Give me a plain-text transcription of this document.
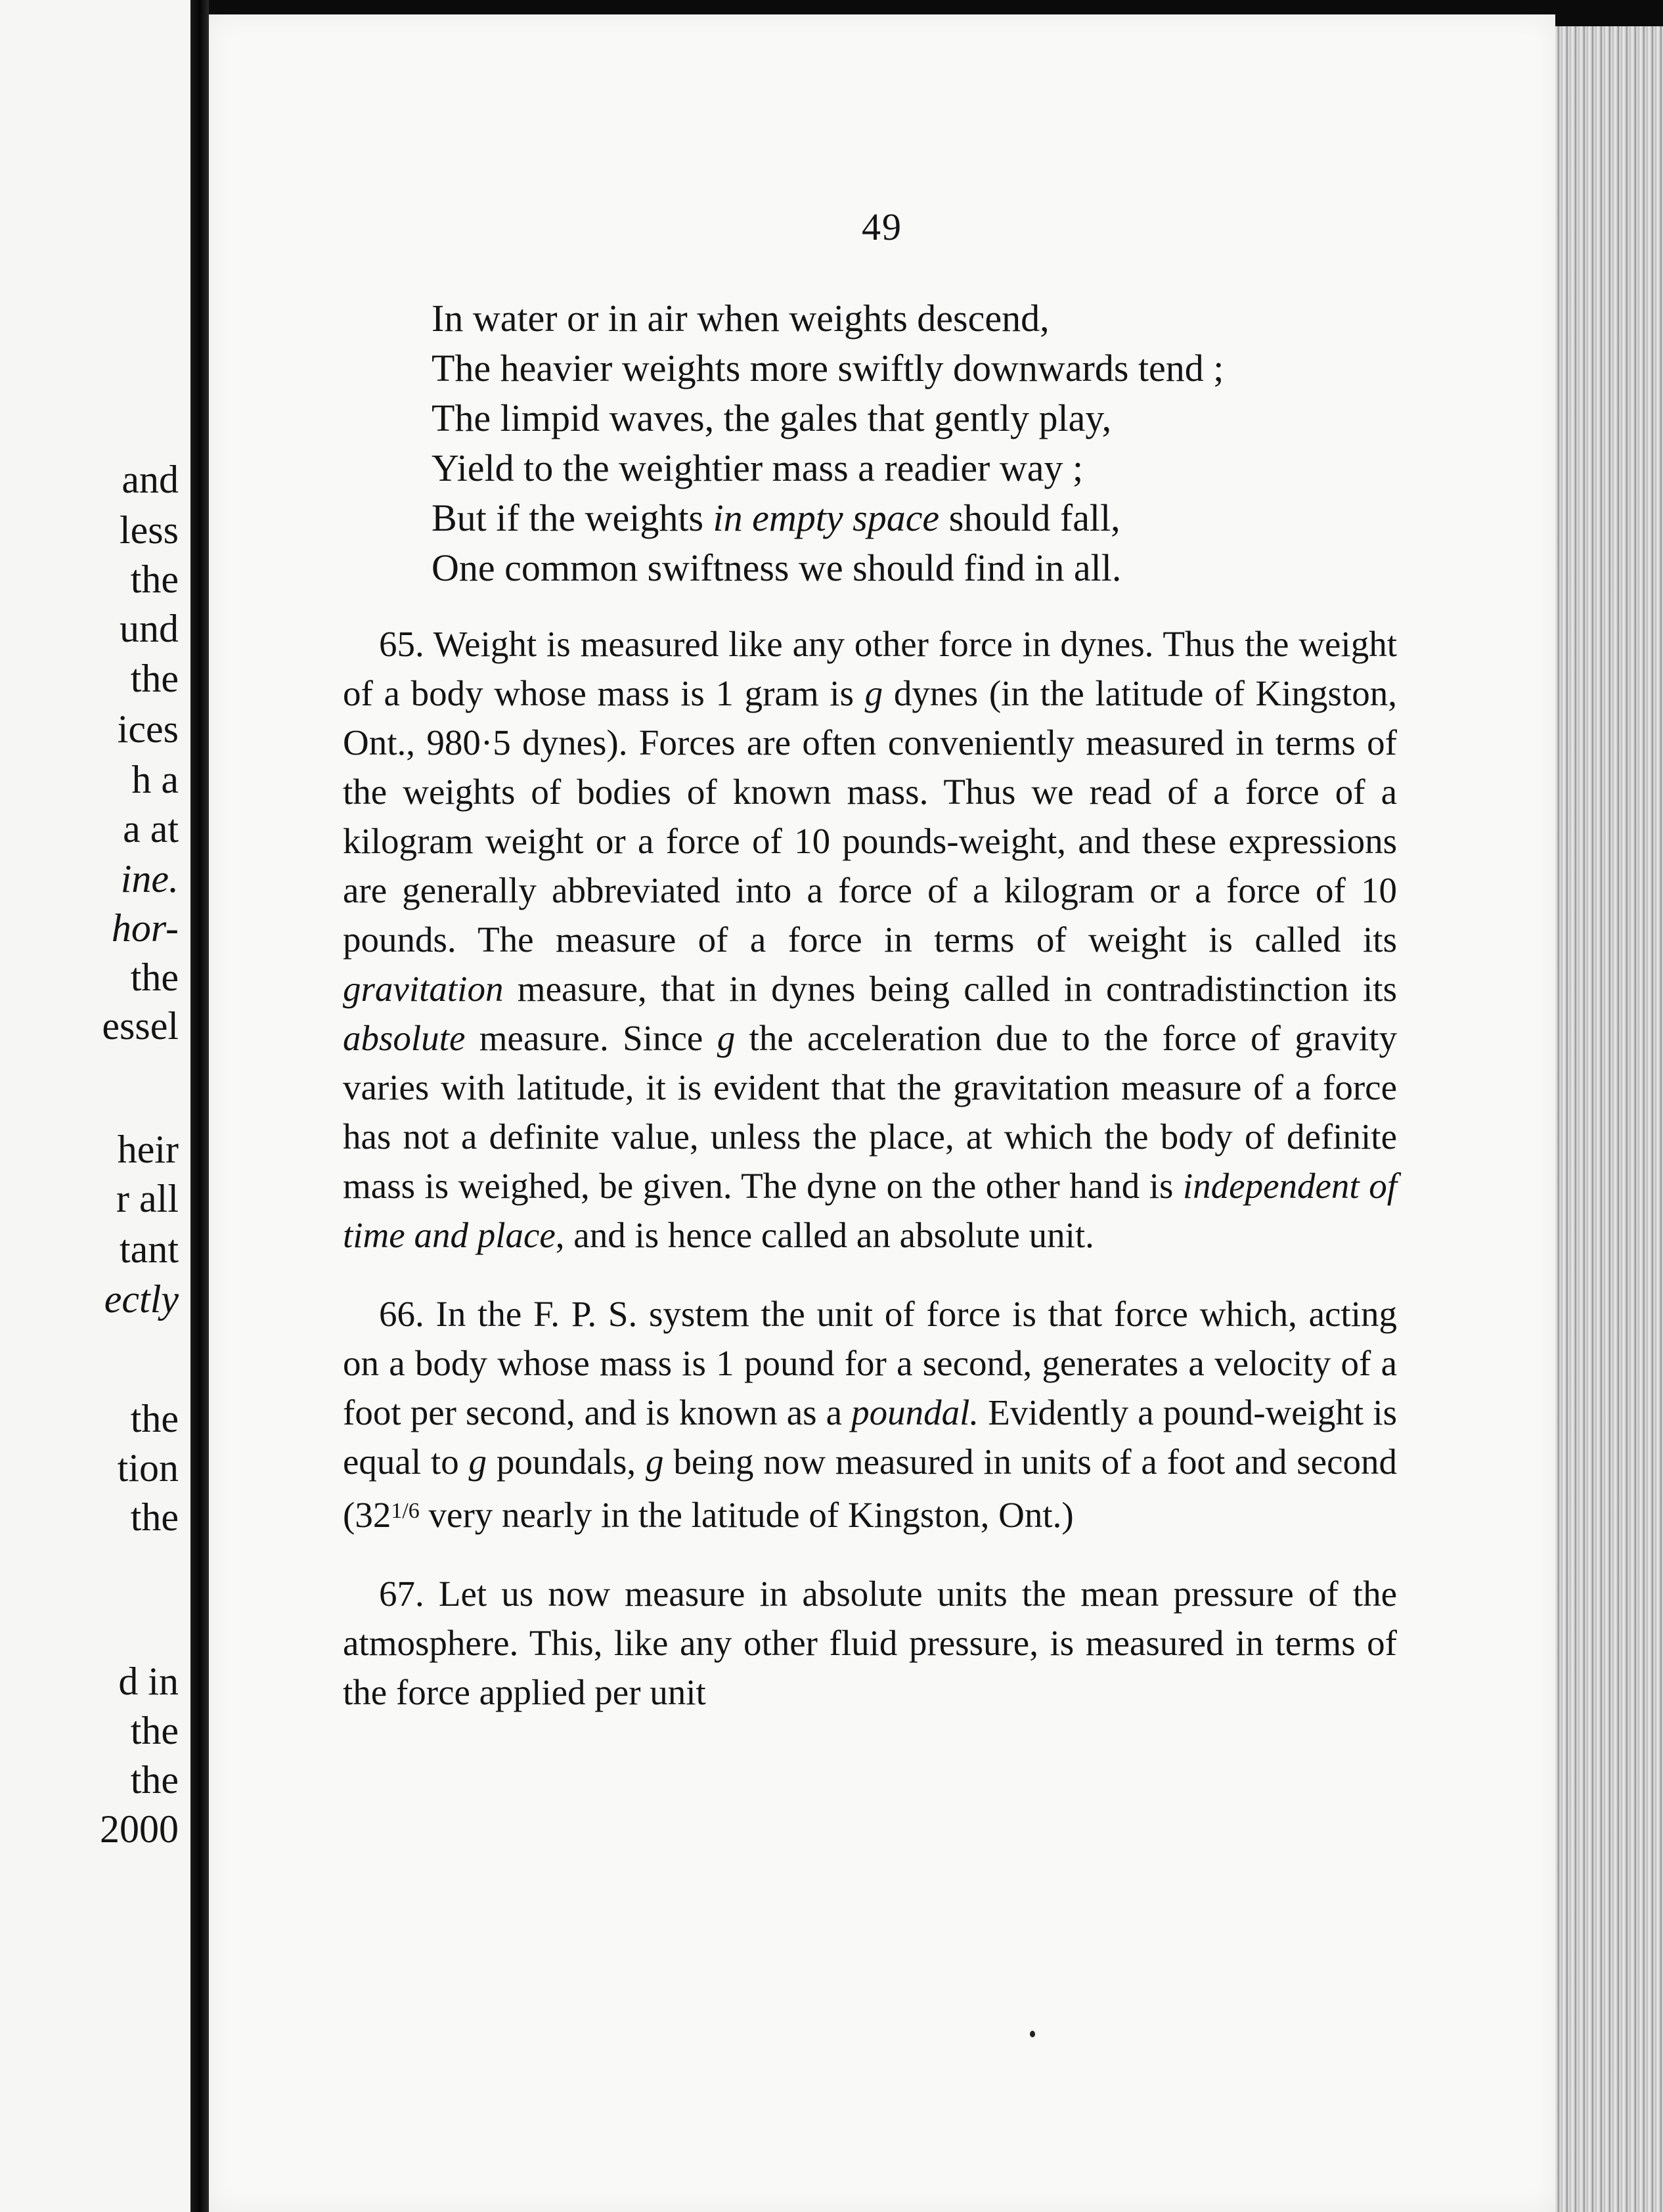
and

less

the

und

the

ices

h a

a at

ine.

hor-

the

essel

heir

r all

tant

ectly

the

tion

the

d in

the

the

2000

49
In water or in air when weights descend,
The heavier weights more swiftly downwards tend ;
The limpid waves, the gales that gently play,
Yield to the weightier mass a readier way ;
But if the weights in empty space should fall,
One common swiftness we should find in all.

65. Weight is measured like any other force in dynes. Thus the weight of a body whose mass is 1 gram is g dynes (in the latitude of Kingston, Ont., 980·5 dynes). Forces are often conveniently measured in terms of the weights of bodies of known mass. Thus we read of a force of a kilogram weight or a force of 10 pounds-weight, and these expressions are generally abbreviated into a force of a kilogram or a force of 10 pounds. The measure of a force in terms of weight is called its gravitation measure, that in dynes being called in contradistinction its absolute measure. Since g the acceleration due to the force of gravity varies with latitude, it is evident that the gravitation measure of a force has not a definite value, unless the place, at which the body of definite mass is weighed, be given. The dyne on the other hand is independent of time and place, and is hence called an absolute unit.

66. In the F. P. S. system the unit of force is that force which, acting on a body whose mass is 1 pound for a second, generates a velocity of a foot per second, and is known as a poundal. Evidently a pound-weight is equal to g poundals, g being now measured in units of a foot and second ($32^{1/6}$ very nearly in the latitude of Kingston, Ont.)

67. Let us now measure in absolute units the mean pressure of the atmosphere. This, like any other fluid pressure, is measured in terms of the force applied per unit
